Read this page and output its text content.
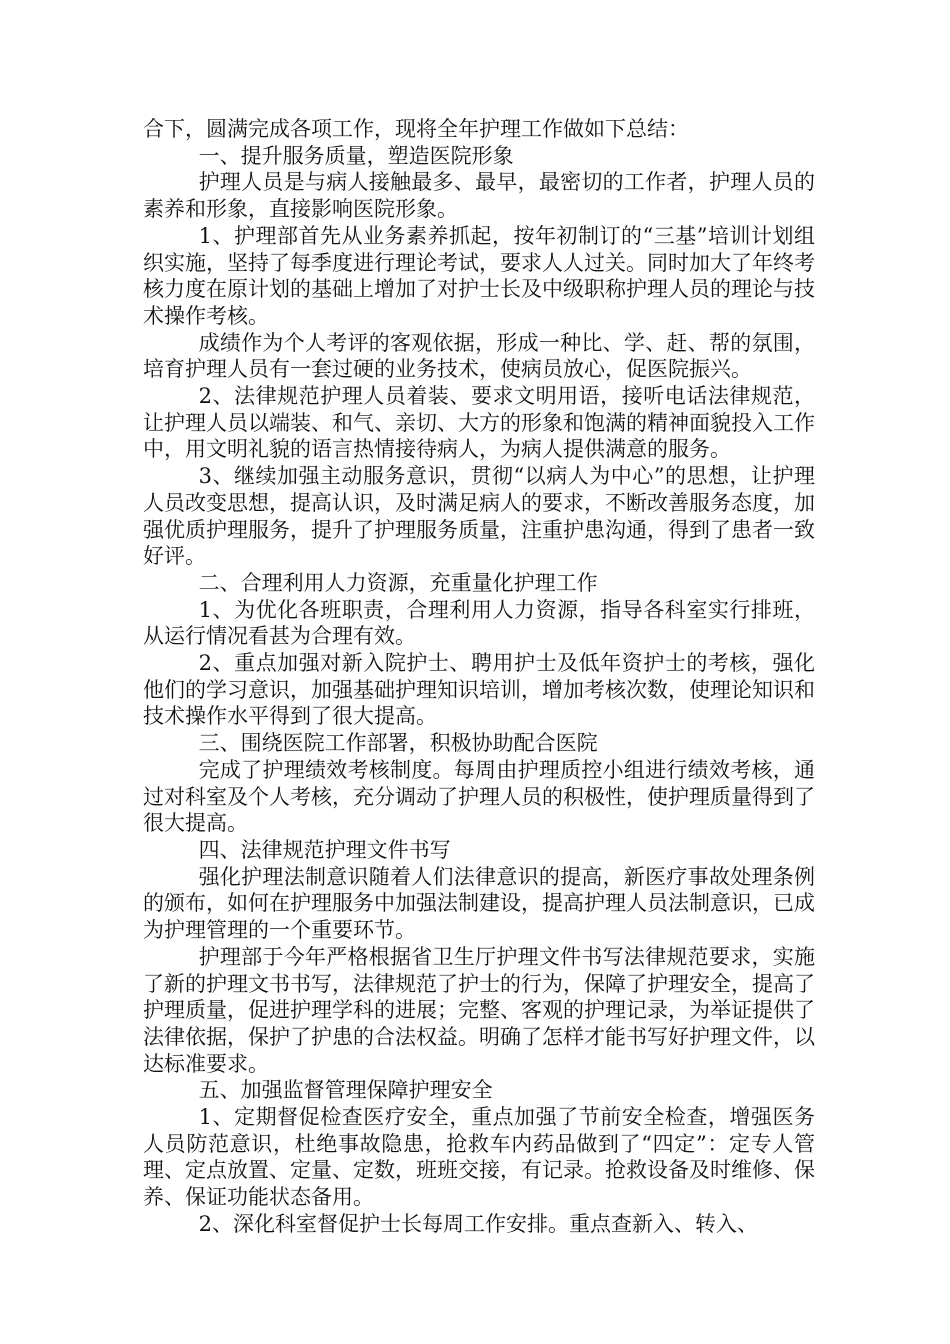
合下，圆满完成各项工作，现将全年护理工作做如下总结：

一、提升服务质量，塑造医院形象

护理人员是与病人接触最多、最早，最密切的工作者，护理人员的素养和形象，直接影响医院形象。

1、护理部首先从业务素养抓起，按年初制订的“三基”培训计划组织实施，坚持了每季度进行理论考试，要求人人过关。同时加大了年终考核力度在原计划的基础上增加了对护士长及中级职称护理人员的理论与技术操作考核。

成绩作为个人考评的客观依据，形成一种比、学、赶、帮的氛围，培育护理人员有一套过硬的业务技术，使病员放心，促医院振兴。

2、法律规范护理人员着装、要求文明用语，接听电话法律规范，让护理人员以端装、和气、亲切、大方的形象和饱满的精神面貌投入工作中，用文明礼貌的语言热情接待病人，为病人提供满意的服务。

3、继续加强主动服务意识，贯彻“以病人为中心”的思想，让护理人员改变思想，提高认识，及时满足病人的要求，不断改善服务态度，加强优质护理服务，提升了护理服务质量，注重护患沟通，得到了患者一致好评。

二、合理利用人力资源，充重量化护理工作

1、为优化各班职责，合理利用人力资源，指导各科室实行排班，从运行情况看甚为合理有效。

2、重点加强对新入院护士、聘用护士及低年资护士的考核，强化他们的学习意识，加强基础护理知识培训，增加考核次数，使理论知识和技术操作水平得到了很大提高。

三、围绕医院工作部署，积极协助配合医院

完成了护理绩效考核制度。每周由护理质控小组进行绩效考核，通过对科室及个人考核，充分调动了护理人员的积极性，使护理质量得到了很大提高。

四、法律规范护理文件书写

强化护理法制意识随着人们法律意识的提高，新医疗事故处理条例的颁布，如何在护理服务中加强法制建设，提高护理人员法制意识，已成为护理管理的一个重要环节。

护理部于今年严格根据省卫生厅护理文件书写法律规范要求，实施了新的护理文书书写，法律规范了护士的行为，保障了护理安全，提高了护理质量，促进护理学科的进展；完整、客观的护理记录，为举证提供了法律依据，保护了护患的合法权益。明确了怎样才能书写好护理文件，以达标准要求。

五、加强监督管理保障护理安全

1、定期督促检查医疗安全，重点加强了节前安全检查，增强医务人员防范意识，杜绝事故隐患，抢救车内药品做到了“四定”：定专人管理、定点放置、定量、定数，班班交接，有记录。抢救设备及时维修、保养、保证功能状态备用。

2、深化科室督促护士长每周工作安排。重点查新入、转入、
